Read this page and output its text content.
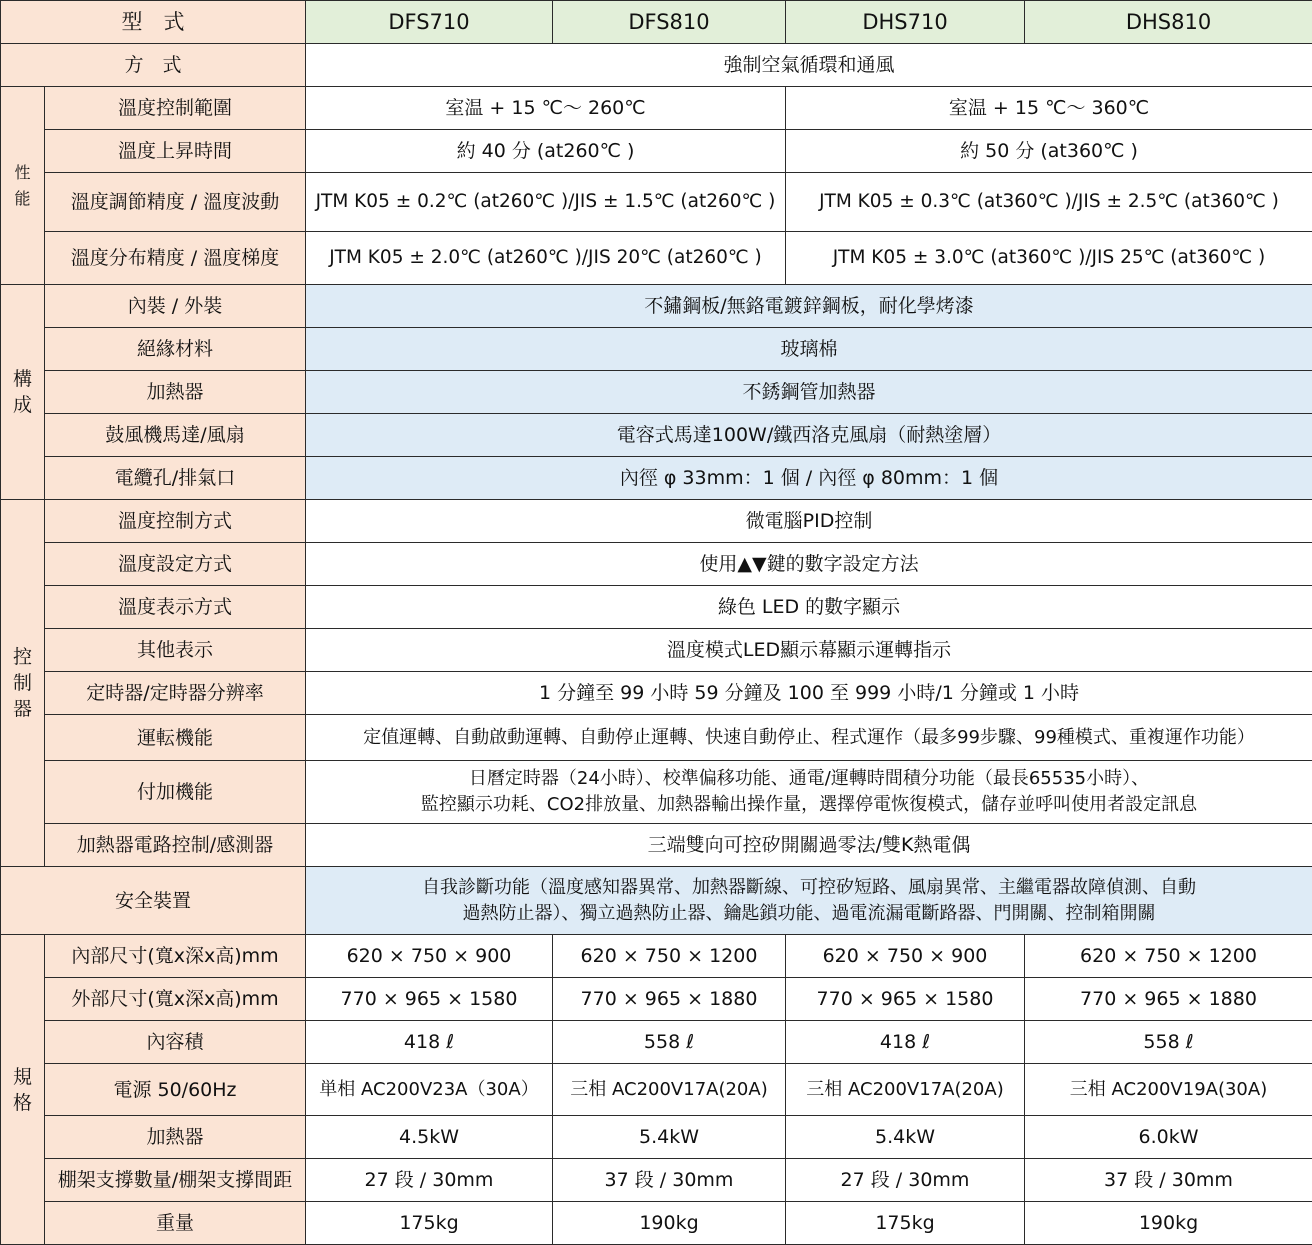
型　式		DFS710	DFS810	DHS710	DHS810
方　式		強制空氣循環和通風			
性
能	溫度控制範圍	室温 + 15 ℃～ 260℃		室温 + 15 ℃～ 360℃	
	溫度上昇時間	約 40 分 (at260℃ )		約 50 分 (at360℃ )	
	溫度調節精度 / 溫度波動	JTM K05 ± 0.2℃ (at260℃ )/JIS ± 1.5℃ (at260℃ )		JTM K05 ± 0.3℃ (at360℃ )/JIS ± 2.5℃ (at360℃ )	
	溫度分布精度 / 溫度梯度	JTM K05 ± 2.0℃ (at260℃ )/JIS 20℃ (at260℃ )		JTM K05 ± 3.0℃ (at360℃ )/JIS 25℃ (at360℃ )	
構
成	內裝 / 外裝	不鏽鋼板/無鉻電鍍鋅鋼板，耐化學烤漆			
	絕緣材料	玻璃棉			
	加熱器	不銹鋼管加熱器			
	鼓風機馬達/風扇	電容式馬達100W/鐵西洛克風扇（耐熱塗層）			
	電纜孔/排氣口	內徑 φ 33mm：1 個 / 內徑 φ 80mm：1 個			
控
制
器	溫度控制方式	微電腦PID控制			
	溫度設定方式	使用▲▼鍵的數字設定方法			
	溫度表示方式	綠色 LED 的數字顯示			
	其他表示	溫度模式LED顯示幕顯示運轉指示			
	定時器/定時器分辨率	1 分鐘至 99 小時 59 分鐘及 100 至 999 小時/1 分鐘或 1 小時			
	運転機能	定值運轉、自動啟動運轉、自動停止運轉、快速自動停止、程式運作（最多99步驟、99種模式、重複運作功能）			
	付加機能	日曆定時器（24小時）、校準偏移功能、通電/運轉時間積分功能（最長65535小時）、
監控顯示功耗、CO2排放量、加熱器輸出操作量，選擇停電恢復模式，儲存並呼叫使用者設定訊息			

	加熱器電路控制/感測器	三端雙向可控矽開關過零法/雙K熱電偶			
安全裝置		自我診斷功能（溫度感知器異常、加熱器斷線、可控矽短路、風扇異常、主繼電器故障偵測、自動
過熱防止器）、獨立過熱防止器、鑰匙鎖功能、過電流漏電斷路器、門開關、控制箱開關			

規
格	內部尺寸(寬x深x高)mm	620 × 750 × 900	620 × 750 × 1200	620 × 750 × 900	620 × 750 × 1200
	外部尺寸(寬x深x高)mm	770 × 965 × 1580	770 × 965 × 1880	770 × 965 × 1580	770 × 965 × 1880
	內容積	418 ℓ	558 ℓ	418 ℓ	558 ℓ
	電源 50/60Hz	単相 AC200V23A（30A）	三相 AC200V17A(20A)	三相 AC200V17A(20A)	三相 AC200V19A(30A)
	加熱器	4.5kW	5.4kW	5.4kW	6.0kW
	棚架支撐數量/棚架支撐間距	27 段 / 30mm	37 段 / 30mm	27 段 / 30mm	37 段 / 30mm
	重量	175kg	190kg	175kg	190kg
